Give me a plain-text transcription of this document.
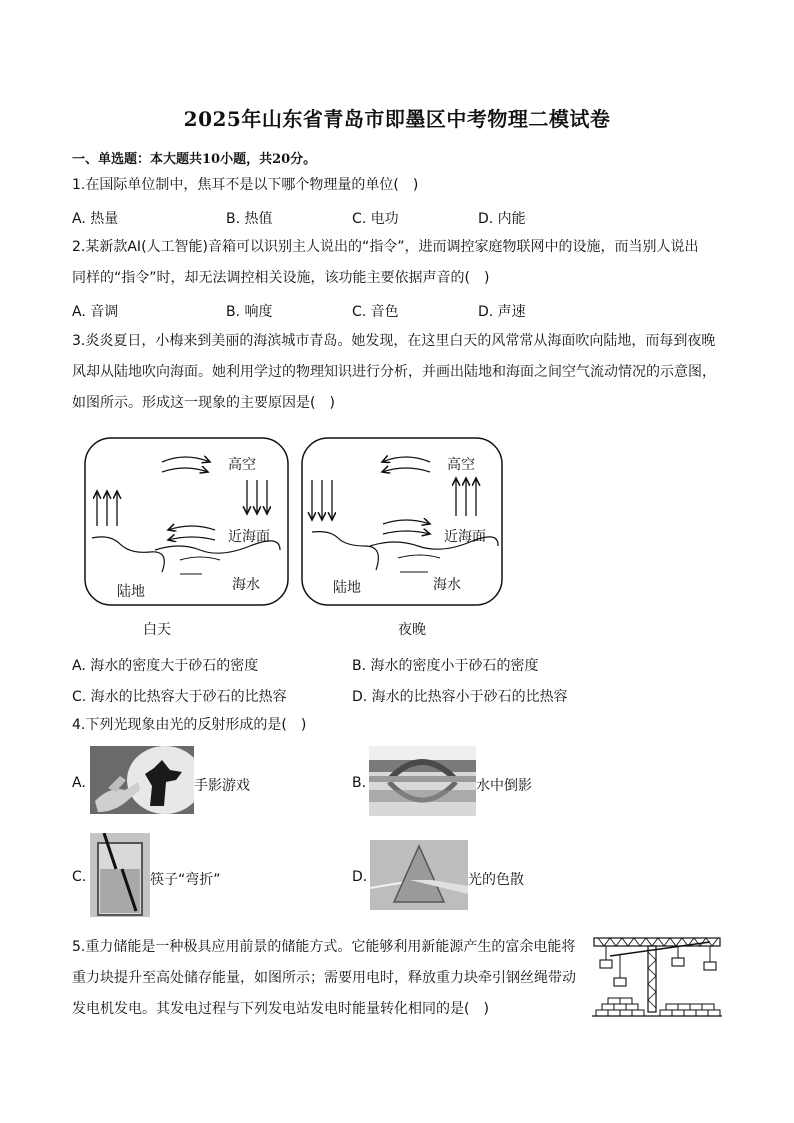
2025年山东省青岛市即墨区中考物理二模试卷
一、单选题：本大题共10小题，共20分。
1.在国际单位制中，焦耳不是以下哪个物理量的单位(　)
A. 热量	B. 热值	C. 电功	D. 内能
2.某新款AI(人工智能)音箱可以识别主人说出的“指令”，进而调控家庭物联网中的设施，而当别人说出
同样的“指令”时，却无法调控相关设施，该功能主要依据声音的(　)
A. 音调	B. 响度	C. 音色	D. 声速
3.炎炎夏日，小梅来到美丽的海滨城市青岛。她发现，在这里白天的风常常从海面吹向陆地，而每到夜晚
风却从陆地吹向海面。她利用学过的物理知识进行分析，并画出陆地和海面之间空气流动情况的示意图，
如图所示。形成这一现象的主要原因是(　)
高空
近海面
陆地	海水
高空
近海面
陆地	海水
白天	夜晚
A. 海水的密度大于砂石的密度	B. 海水的密度小于砂石的密度
C. 海水的比热容大于砂石的比热容	D. 海水的比热容小于砂石的比热容
4.下列光现象由光的反射形成的是(　)
A.	手影游戏	B.	水中倒影
C.	筷子“弯折”	D.	光的色散
5.重力储能是一种极具应用前景的储能方式。它能够利用新能源产生的富余电能将
重力块提升至高处储存能量，如图所示；需要用电时，释放重力块牵引钢丝绳带动
发电机发电。其发电过程与下列发电站发电时能量转化相同的是(　)
